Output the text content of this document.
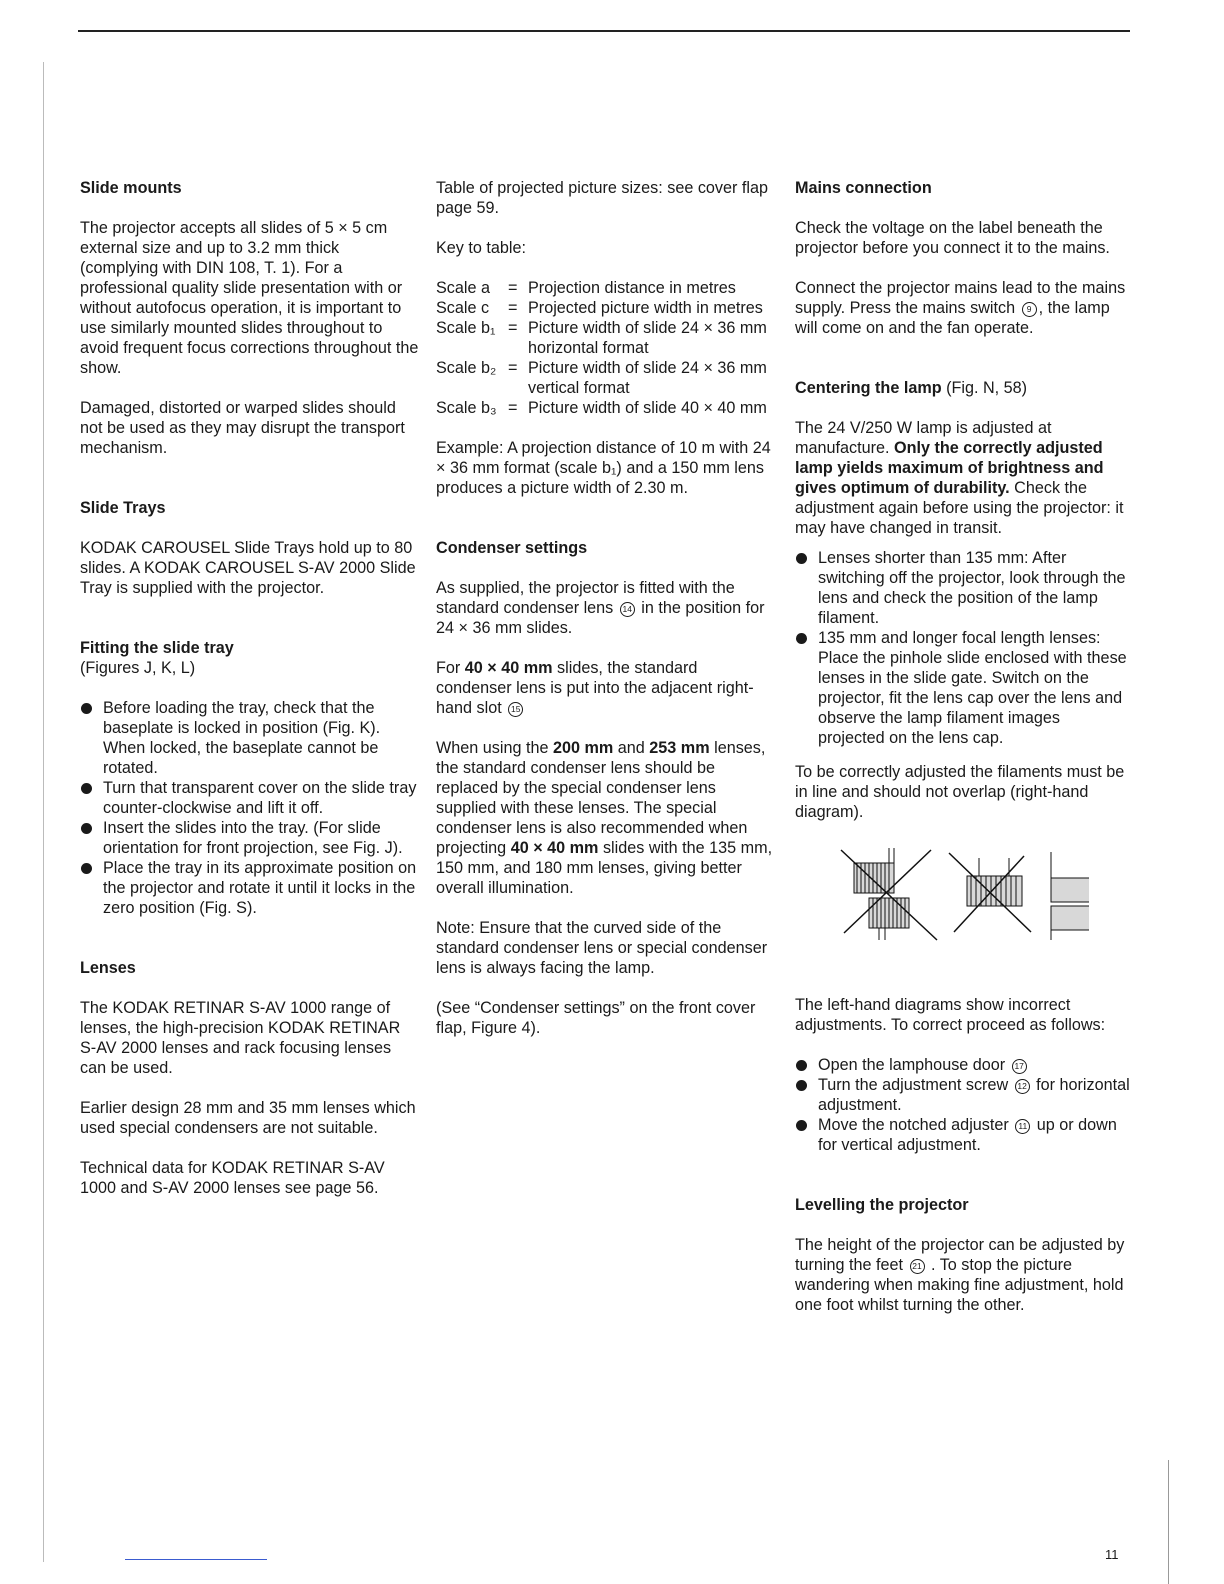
Slide mounts

The projector accepts all slides of 5 × 5 cm external size and up to 3.2 mm thick (complying with DIN 108, T. 1). For a professional quality slide presentation with or without autofocus operation, it is important to use similarly mounted slides throughout to avoid frequent focus corrections throughout the show.

Damaged, distorted or warped slides should not be used as they may disrupt the transport mechanism.

Slide Trays

KODAK CAROUSEL Slide Trays hold up to 80 slides. A KODAK CAROUSEL S-AV 2000 Slide Tray is supplied with the projector.

Fitting the slide tray

(Figures J, K, L)

Before loading the tray, check that the baseplate is locked in position (Fig. K). When locked, the baseplate cannot be rotated.
Turn that transparent cover on the slide tray counter-clockwise and lift it off.
Insert the slides into the tray. (For slide orientation for front projection, see Fig. J).
Place the tray in its approximate position on the projector and rotate it until it locks in the zero position (Fig. S).

Lenses

The KODAK RETINAR S-AV 1000 range of lenses, the high-precision KODAK RETINAR S-AV 2000 lenses and rack focusing lenses can be used.

Earlier design 28 mm and 35 mm lenses which used special condensers are not suitable.

Technical data for KODAK RETINAR S-AV 1000 and S-AV 2000 lenses see page 56.

Table of projected picture sizes: see cover flap page 59.

Key to table:

Scale a	=	Projection distance in metres
Scale c	=	Projected picture width in metres
Scale b₁	=	Picture width of slide 24 × 36 mm horizontal format
Scale b₂	=	Picture width of slide 24 × 36 mm vertical format
Scale b₃	=	Picture width of slide 40 × 40 mm

Example: A projection distance of 10 m with 24 × 36 mm format (scale b₁) and a 150 mm lens produces a picture width of 2.30 m.

Condenser settings

As supplied, the projector is fitted with the standard condenser lens 14 in the position for 24 × 36 mm slides.

For 40 × 40 mm slides, the standard condenser lens is put into the adjacent right-hand slot 15

When using the 200 mm and 253 mm lenses, the standard condenser lens should be replaced by the special condenser lens supplied with these lenses. The special condenser lens is also recommended when projecting 40 × 40 mm slides with the 135 mm, 150 mm, and 180 mm lenses, giving better overall illumination.

Note: Ensure that the curved side of the standard condenser lens or special condenser lens is always facing the lamp.

(See “Condenser settings” on the front cover flap, Figure 4).

Mains connection

Check the voltage on the label beneath the projector before you connect it to the mains.

Connect the projector mains lead to the mains supply. Press the mains switch 9 , the lamp will come on and the fan operate.

Centering the lamp (Fig. N, 58)

The 24 V/250 W lamp is adjusted at manufacture. Only the correctly adjusted lamp yields maximum of brightness and gives optimum of durability. Check the adjustment again before using the projector: it may have changed in transit.

Lenses shorter than 135 mm: After switching off the projector, look through the lens and check the position of the lamp filament.
135 mm and longer focal length lenses: Place the pinhole slide enclosed with these lenses in the slide gate. Switch on the projector, fit the lens cap over the lens and observe the lamp filament images projected on the lens cap.

To be correctly adjusted the filaments must be in line and should not overlap (right-hand diagram).

The left-hand diagrams show incorrect adjustments. To correct proceed as follows:

Open the lamphouse door 17
Turn the adjustment screw 12 for horizontal adjustment.
Move the notched adjuster 11 up or down for vertical adjustment.

Levelling the projector

The height of the projector can be adjusted by turning the feet 21 . To stop the picture wandering when making fine adjustment, hold one foot whilst turning the other.

11
